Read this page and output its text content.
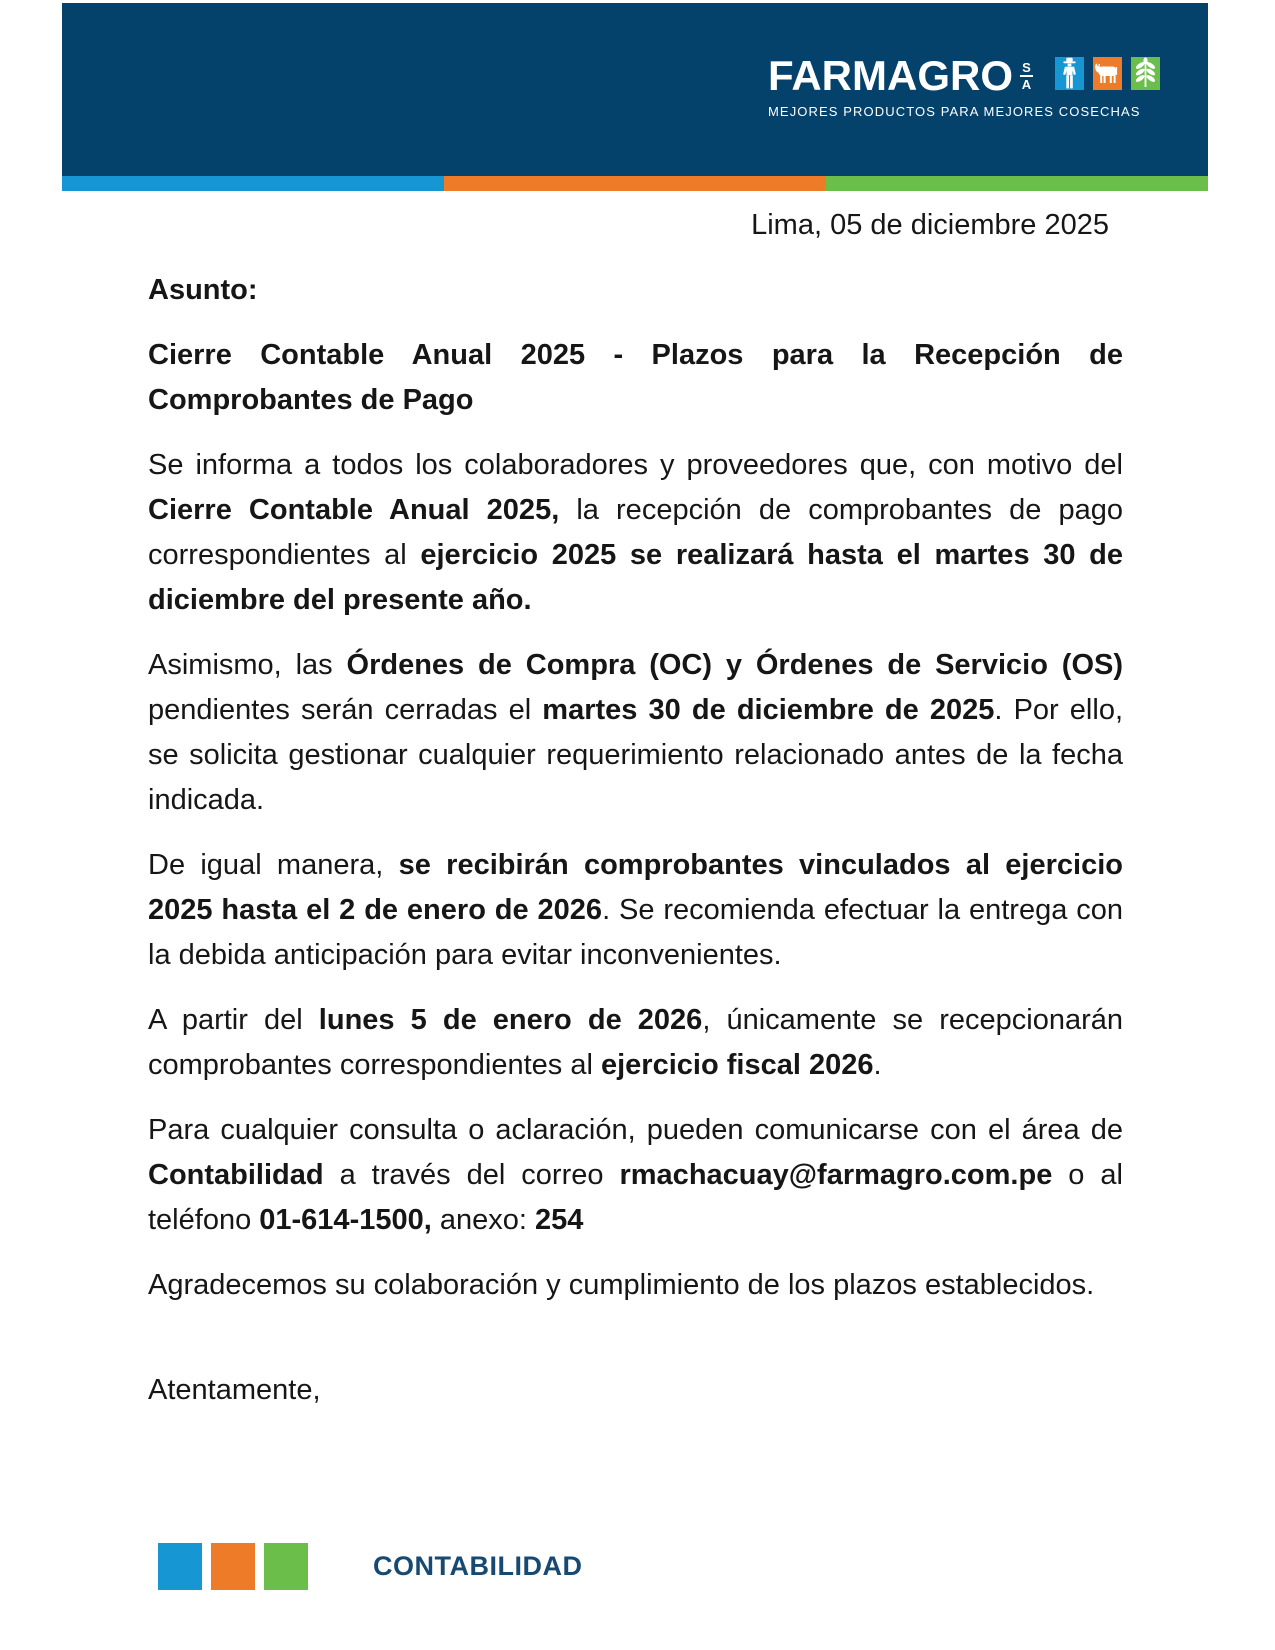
FARMAGRO S
A
MEJORES PRODUCTOS PARA MEJORES COSECHAS

Lima, 05 de diciembre 2025

Asunto:

Cierre Contable Anual 2025 - Plazos para la Recepción de Comprobantes de Pago

Se informa a todos los colaboradores y proveedores que, con motivo del Cierre Contable Anual 2025, la recepción de comprobantes de pago correspondientes al ejercicio 2025 se realizará hasta el martes 30 de diciembre del presente año.

Asimismo, las Órdenes de Compra (OC) y Órdenes de Servicio (OS) pendientes serán cerradas el martes 30 de diciembre de 2025. Por ello, se solicita gestionar cualquier requerimiento relacionado antes de la fecha indicada.

De igual manera, se recibirán comprobantes vinculados al ejercicio 2025 hasta el 2 de enero de 2026. Se recomienda efectuar la entrega con la debida anticipación para evitar inconvenientes.

A partir del lunes 5 de enero de 2026, únicamente se recepcionarán comprobantes correspondientes al ejercicio fiscal 2026.

Para cualquier consulta o aclaración, pueden comunicarse con el área de Contabilidad a través del correo rmachacuay@farmagro.com.pe o al teléfono 01-614-1500, anexo: 254

Agradecemos su colaboración y cumplimiento de los plazos establecidos.

Atentamente,

CONTABILIDAD
